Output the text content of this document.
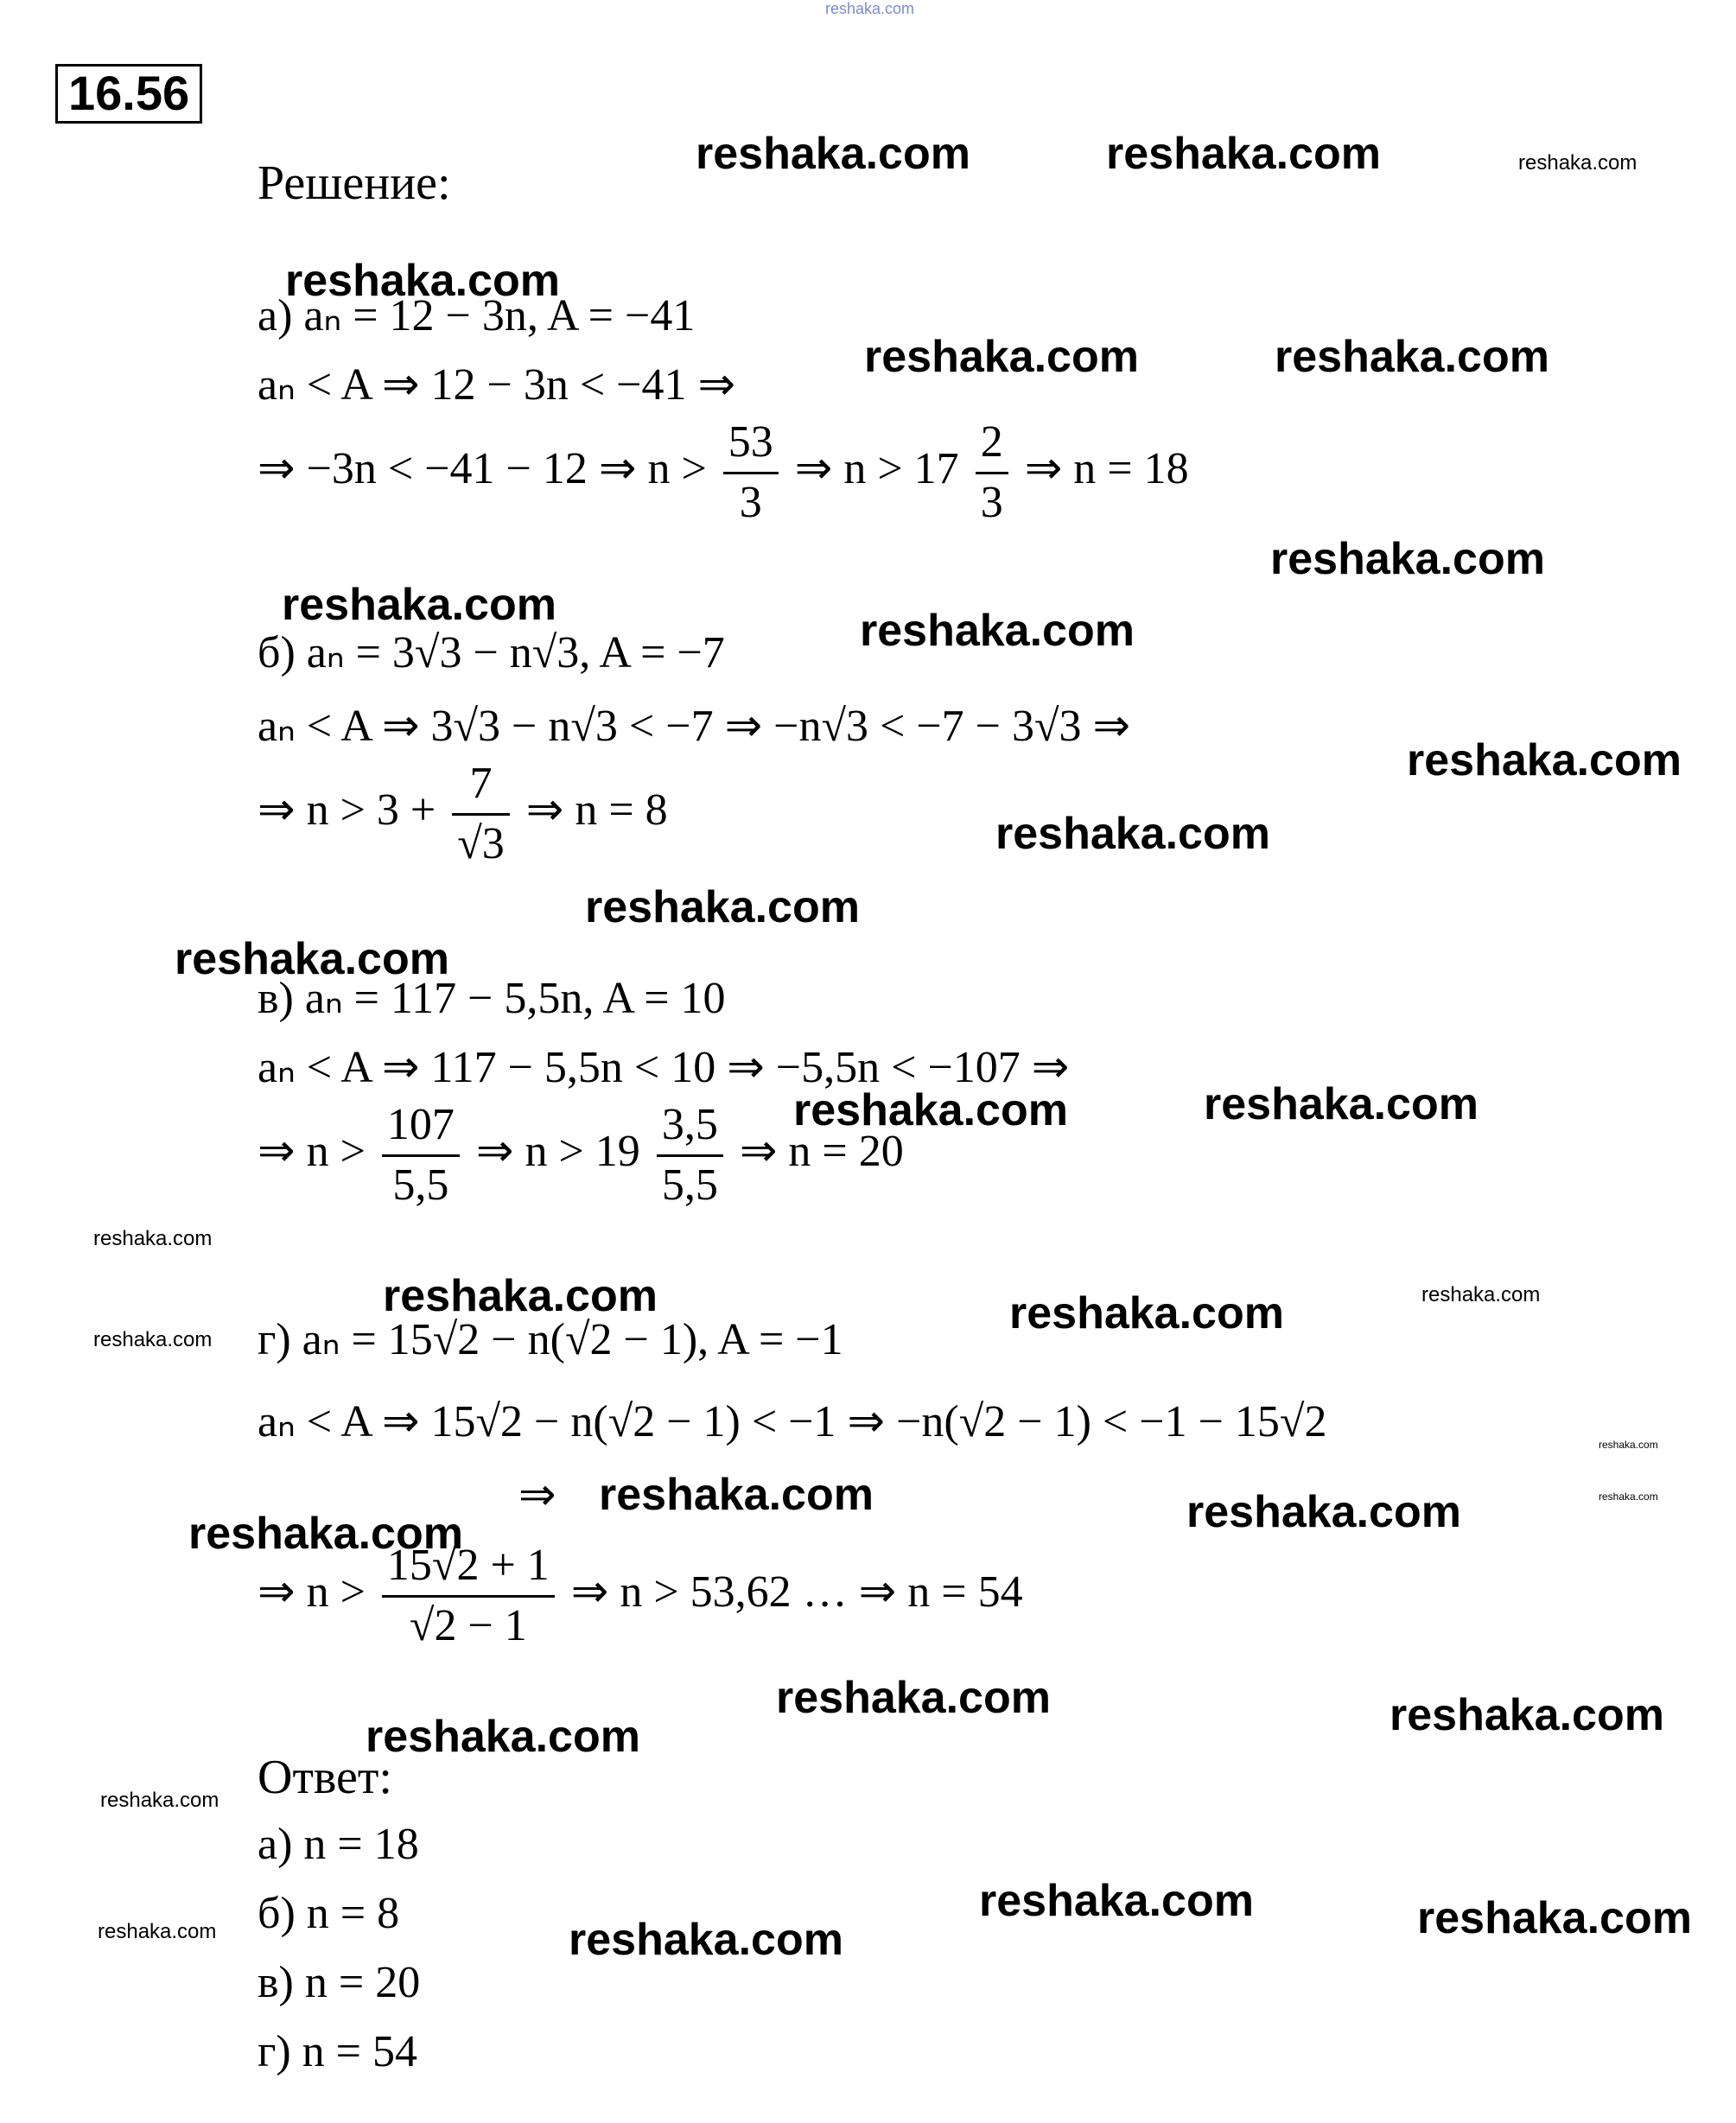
reshaka.com
16.56
Решение:
а) aₙ = 12 − 3n, A = −41
aₙ < A ⇒ 12 − 3n < −41 ⇒
⇒ −3n < −41 − 12 ⇒ $n > \frac{53}{3}$ ⇒ $n > 17 \frac{2}{3}$ ⇒ n = 18
б) aₙ = 3√3 − n√3, A = −7
aₙ < A ⇒ 3√3 − n√3 < −7 ⇒ −n√3 < −7 − 3√3 ⇒
⇒ $n > 3 + \frac{7}{√3}$ ⇒ n = 8
в) aₙ = 117 − 5,5n, A = 10
aₙ < A ⇒ 117 − 5,5n < 10 ⇒ −5,5n < −107 ⇒
⇒ $n > \frac{107}{5,5}$ ⇒ $n > 19 \frac{3,5}{5,5}$ ⇒ n = 20
г) aₙ = 15√2 − n(√2 − 1), A = −1
aₙ < A ⇒ 15√2 − n(√2 − 1) < −1 ⇒ −n(√2 − 1) < −1 − 15√2
⇒
⇒ $n > \frac{15√2 + 1}{√2 - 1}$ ⇒ n > 53,62 … ⇒ n = 54
Ответ:
а) n = 18
б) n = 8
в) n = 20
г) n = 54
reshaka.com	reshaka.com
reshaka.com
reshaka.com	reshaka.com
reshaka.com
reshaka.com
reshaka.com
reshaka.com
reshaka.com
reshaka.com
reshaka.com
reshaka.com	reshaka.com
reshaka.com	reshaka.com
reshaka.com	reshaka.com
reshaka.com
reshaka.com	reshaka.com
reshaka.com
reshaka.com	reshaka.com
reshaka.com
reshaka.com
reshaka.com
reshaka.com
reshaka.com
reshaka.com
reshaka.com
reshaka.com
reshaka.com
